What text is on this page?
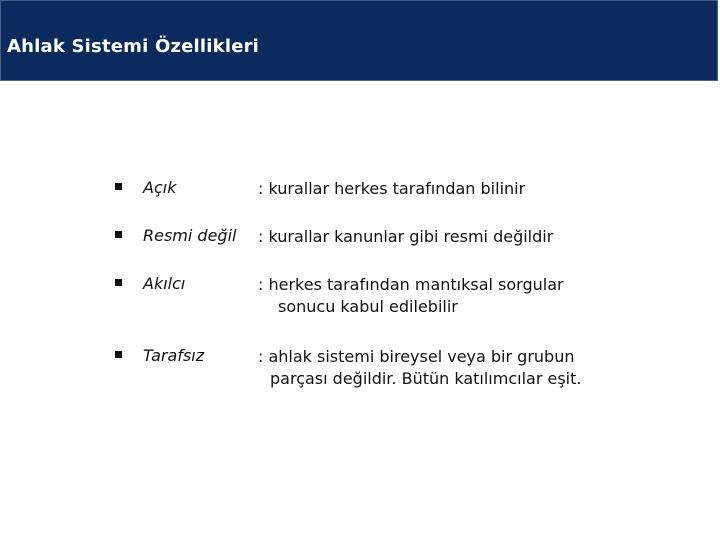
Ahlak Sistemi Özellikleri
Açık	: kurallar herkes tarafından bilinir
Resmi değil : kurallar kanunlar gibi resmi değildir
Akılcı	: herkes tarafından mantıksal sorgular
sonucu kabul edilebilir
Tarafsız	: ahlak sistemi bireysel veya bir grubun
parçası değildir. Bütün katılımcılar eşit.
